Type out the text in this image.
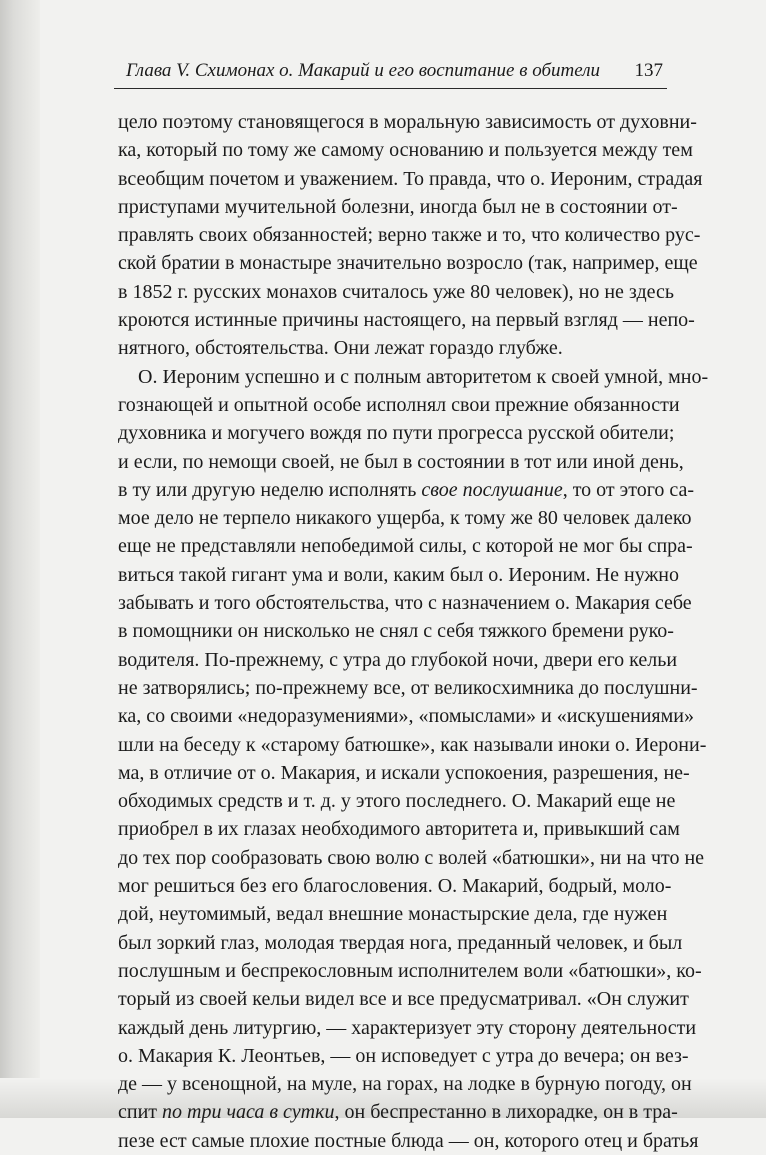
Глава V. Схимонах о. Макарий и его воспитание в обители 137
цело поэтому становящегося в моральную зависимость от духовни-
ка, который по тому же самому основанию и пользуется между тем
всеобщим почетом и уважением. То правда, что о. Иероним, страдая
приступами мучительной болезни, иногда был не в состоянии от-
правлять своих обязанностей; верно также и то, что количество рус-
ской братии в монастыре значительно возросло (так, например, еще
в 1852 г. русских монахов считалось уже 80 человек), но не здесь
кроются истинные причины настоящего, на первый взгляд — непо-
нятного, обстоятельства. Они лежат гораздо глубже.
О. Иероним успешно и с полным авторитетом к своей умной, мно-
гознающей и опытной особе исполнял свои прежние обязанности
духовника и могучего вождя по пути прогресса русской обители;
и если, по немощи своей, не был в состоянии в тот или иной день,
в ту или другую неделю исполнять свое послушание, то от этого са-
мое дело не терпело никакого ущерба, к тому же 80 человек далеко
еще не представляли непобедимой силы, с которой не мог бы спра-
виться такой гигант ума и воли, каким был о. Иероним. Не нужно
забывать и того обстоятельства, что с назначением о. Макария себе
в помощники он нисколько не снял с себя тяжкого бремени руко-
водителя. По-прежнему, с утра до глубокой ночи, двери его кельи
не затворялись; по-прежнему все, от великосхимника до послушни-
ка, со своими «недоразумениями», «помыслами» и «искушениями»
шли на беседу к «старому батюшке», как называли иноки о. Иерони-
ма, в отличие от о. Макария, и искали успокоения, разрешения, не-
обходимых средств и т. д. у этого последнего. О. Макарий еще не
приобрел в их глазах необходимого авторитета и, привыкший сам
до тех пор сообразовать свою волю с волей «батюшки», ни на что не
мог решиться без его благословения. О. Макарий, бодрый, моло-
дой, неутомимый, ведал внешние монастырские дела, где нужен
был зоркий глаз, молодая твердая нога, преданный человек, и был
послушным и беспрекословным исполнителем воли «батюшки», ко-
торый из своей кельи видел все и все предусматривал. «Он служит
каждый день литургию, — характеризует эту сторону деятельности
о. Макария К. Леонтьев, — он исповедует с утра до вечера; он вез-
де — у всенощной, на муле, на горах, на лодке в бурную погоду, он
спит по три часа в сутки, он беспрестанно в лихорадке, он в тра-
пезе ест самые плохие постные блюда — он, которого отец и братья
